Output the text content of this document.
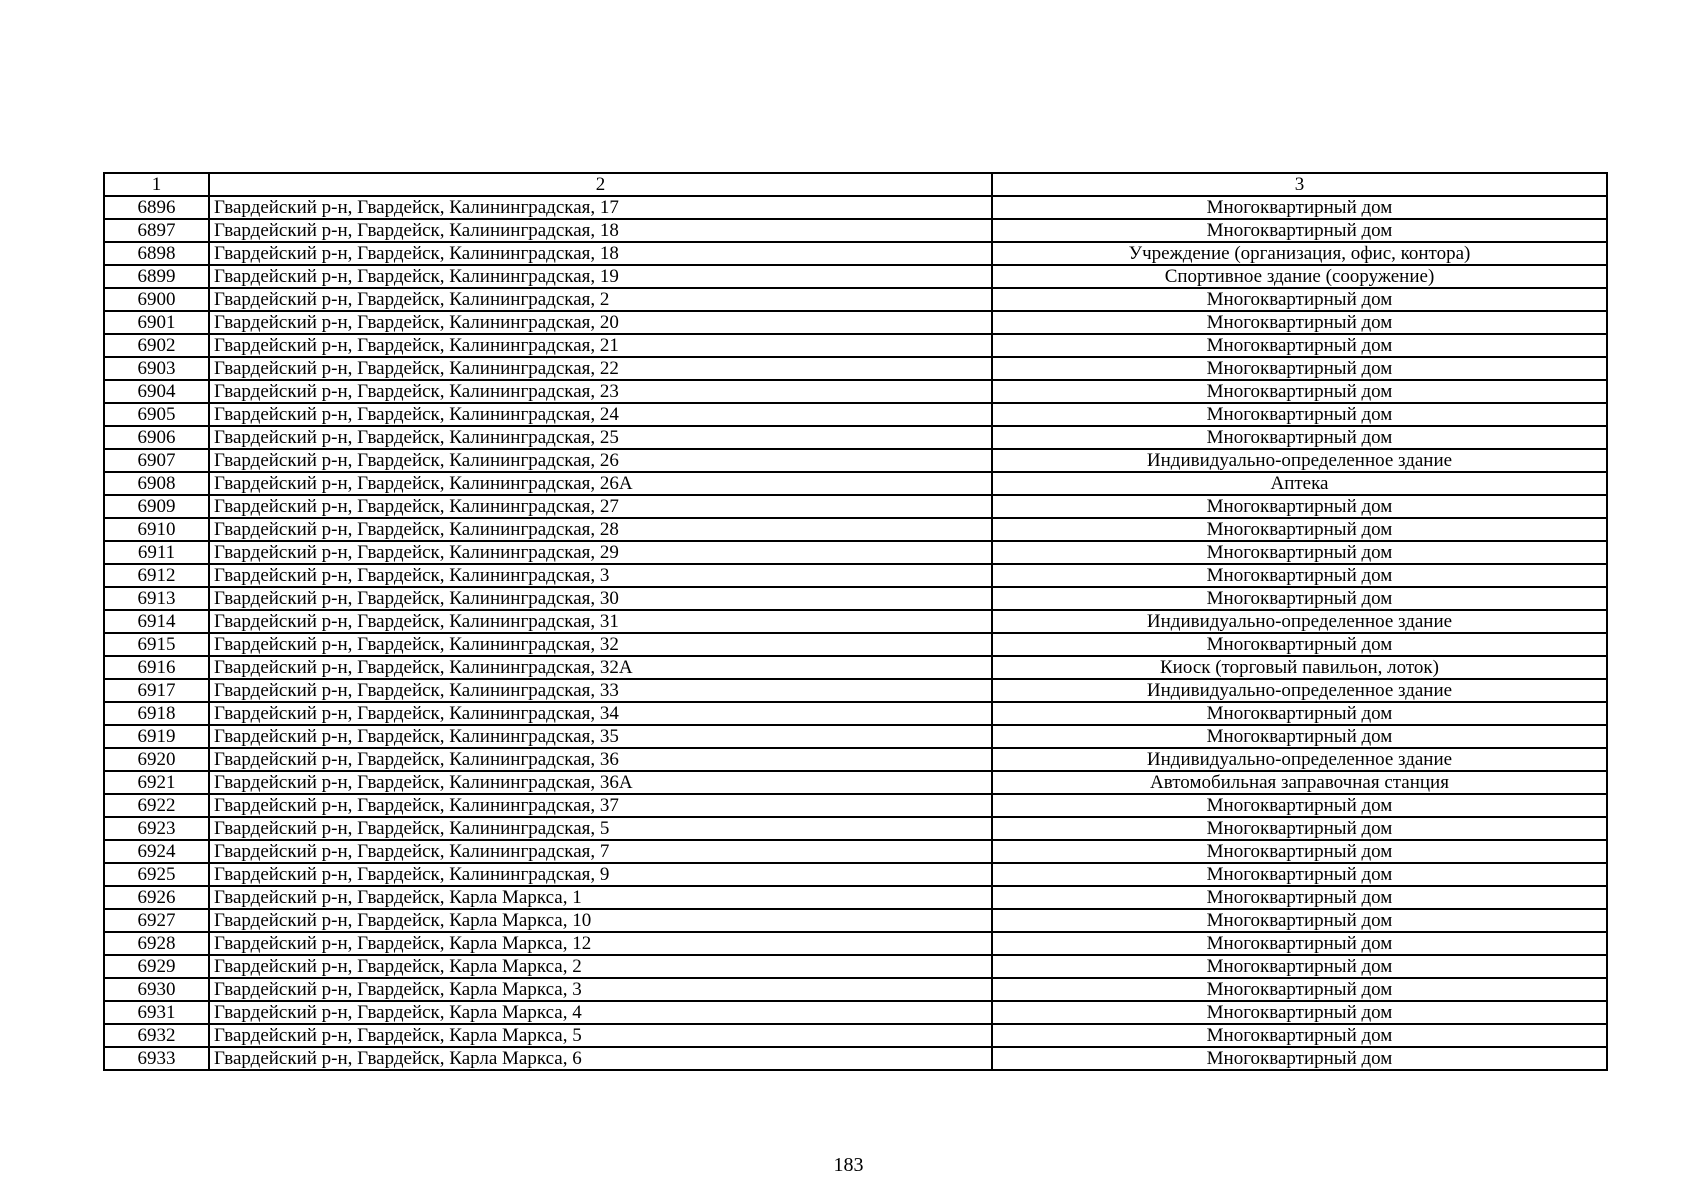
1	2	3
6896	Гвардейский р-н, Гвардейск, Калининградская, 17	Многоквартирный дом
6897	Гвардейский р-н, Гвардейск, Калининградская, 18	Многоквартирный дом
6898	Гвардейский р-н, Гвардейск, Калининградская, 18	Учреждение (организация, офис, контора)
6899	Гвардейский р-н, Гвардейск, Калининградская, 19	Спортивное здание (сооружение)
6900	Гвардейский р-н, Гвардейск, Калининградская, 2	Многоквартирный дом
6901	Гвардейский р-н, Гвардейск, Калининградская, 20	Многоквартирный дом
6902	Гвардейский р-н, Гвардейск, Калининградская, 21	Многоквартирный дом
6903	Гвардейский р-н, Гвардейск, Калининградская, 22	Многоквартирный дом
6904	Гвардейский р-н, Гвардейск, Калининградская, 23	Многоквартирный дом
6905	Гвардейский р-н, Гвардейск, Калининградская, 24	Многоквартирный дом
6906	Гвардейский р-н, Гвардейск, Калининградская, 25	Многоквартирный дом
6907	Гвардейский р-н, Гвардейск, Калининградская, 26	Индивидуально-определенное здание
6908	Гвардейский р-н, Гвардейск, Калининградская, 26А	Аптека
6909	Гвардейский р-н, Гвардейск, Калининградская, 27	Многоквартирный дом
6910	Гвардейский р-н, Гвардейск, Калининградская, 28	Многоквартирный дом
6911	Гвардейский р-н, Гвардейск, Калининградская, 29	Многоквартирный дом
6912	Гвардейский р-н, Гвардейск, Калининградская, 3	Многоквартирный дом
6913	Гвардейский р-н, Гвардейск, Калининградская, 30	Многоквартирный дом
6914	Гвардейский р-н, Гвардейск, Калининградская, 31	Индивидуально-определенное здание
6915	Гвардейский р-н, Гвардейск, Калининградская, 32	Многоквартирный дом
6916	Гвардейский р-н, Гвардейск, Калининградская, 32А	Киоск (торговый павильон, лоток)
6917	Гвардейский р-н, Гвардейск, Калининградская, 33	Индивидуально-определенное здание
6918	Гвардейский р-н, Гвардейск, Калининградская, 34	Многоквартирный дом
6919	Гвардейский р-н, Гвардейск, Калининградская, 35	Многоквартирный дом
6920	Гвардейский р-н, Гвардейск, Калининградская, 36	Индивидуально-определенное здание
6921	Гвардейский р-н, Гвардейск, Калининградская, 36А	Автомобильная заправочная станция
6922	Гвардейский р-н, Гвардейск, Калининградская, 37	Многоквартирный дом
6923	Гвардейский р-н, Гвардейск, Калининградская, 5	Многоквартирный дом
6924	Гвардейский р-н, Гвардейск, Калининградская, 7	Многоквартирный дом
6925	Гвардейский р-н, Гвардейск, Калининградская, 9	Многоквартирный дом
6926	Гвардейский р-н, Гвардейск, Карла Маркса, 1	Многоквартирный дом
6927	Гвардейский р-н, Гвардейск, Карла Маркса, 10	Многоквартирный дом
6928	Гвардейский р-н, Гвардейск, Карла Маркса, 12	Многоквартирный дом
6929	Гвардейский р-н, Гвардейск, Карла Маркса, 2	Многоквартирный дом
6930	Гвардейский р-н, Гвардейск, Карла Маркса, 3	Многоквартирный дом
6931	Гвардейский р-н, Гвардейск, Карла Маркса, 4	Многоквартирный дом
6932	Гвардейский р-н, Гвардейск, Карла Маркса, 5	Многоквартирный дом
6933	Гвардейский р-н, Гвардейск, Карла Маркса, 6	Многоквартирный дом
183
